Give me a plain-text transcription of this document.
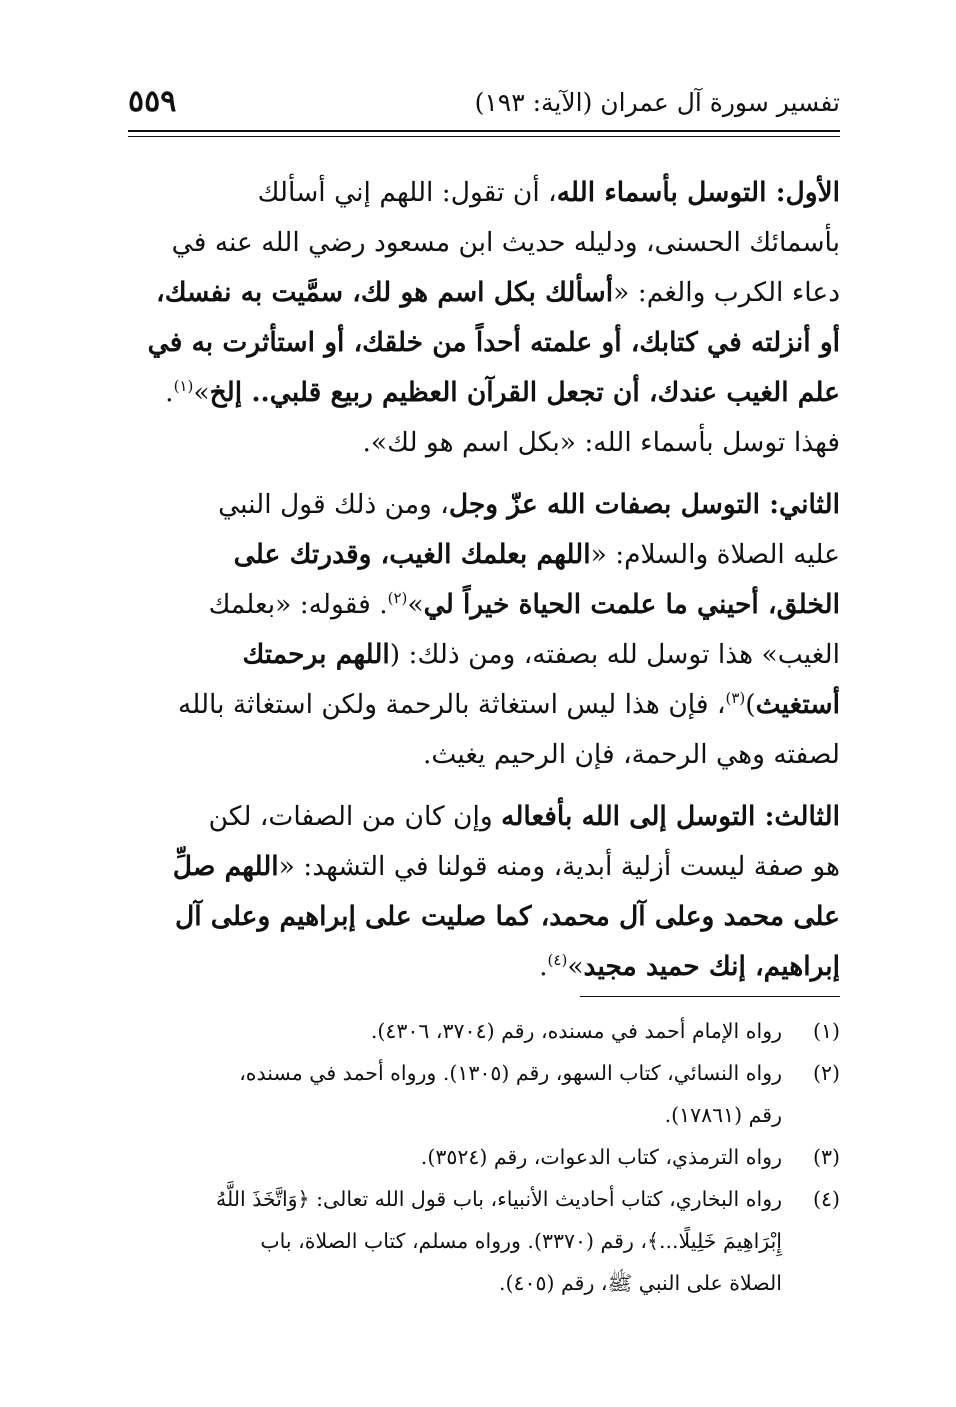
تفسير سورة آل عمران (الآية: ١٩٣)
٥٥٩

الأول: التوسل بأسماء الله، أن تقول: اللهم إني أسألك
بأسمائك الحسنى، ودليله حديث ابن مسعود رضي الله عنه في
دعاء الكرب والغم: «أسألك بكل اسم هو لك، سمَّيت به نفسك،
أو أنزلته في كتابك، أو علمته أحداً من خلقك، أو استأثرت به في
علم الغيب عندك، أن تجعل القرآن العظيم ربيع قلبي.. إلخ»$^{(١)}$.
فهذا توسل بأسماء الله: «بكل اسم هو لك».

الثاني: التوسل بصفات الله عزّ وجل، ومن ذلك قول النبي
عليه الصلاة والسلام: «اللهم بعلمك الغيب، وقدرتك على
الخلق، أحيني ما علمت الحياة خيراً لي»$^{(٢)}$. فقوله: «بعلمك
الغيب» هذا توسل لله بصفته، ومن ذلك: (اللهم برحمتك
أستغيث)$^{(٣)}$، فإن هذا ليس استغاثة بالرحمة ولكن استغاثة بالله
لصفته وهي الرحمة، فإن الرحيم يغيث.

الثالث: التوسل إلى الله بأفعاله وإن كان من الصفات، لكن
هو صفة ليست أزلية أبدية، ومنه قولنا في التشهد: «اللهم صلِّ
على محمد وعلى آل محمد، كما صليت على إبراهيم وعلى آل
إبراهيم، إنك حميد مجيد»$^{(٤)}$.

(١)
رواه الإمام أحمد في مسنده، رقم (٣٧٠٤، ٤٣٠٦).
(٢)
رواه النسائي، كتاب السهو، رقم (١٣٠٥). ورواه أحمد في مسنده،
رقم (١٧٨٦١).
(٣)
رواه الترمذي، كتاب الدعوات، رقم (٣٥٢٤).
(٤)
رواه البخاري، كتاب أحاديث الأنبياء، باب قول الله تعالى: ﴿وَاتَّخَذَ اللَّهُ
إِبْرَاهِيمَ خَلِيلًا...﴾، رقم (٣٣٧٠). ورواه مسلم، كتاب الصلاة، باب
الصلاة على النبي ﷺ، رقم (٤٠٥).
